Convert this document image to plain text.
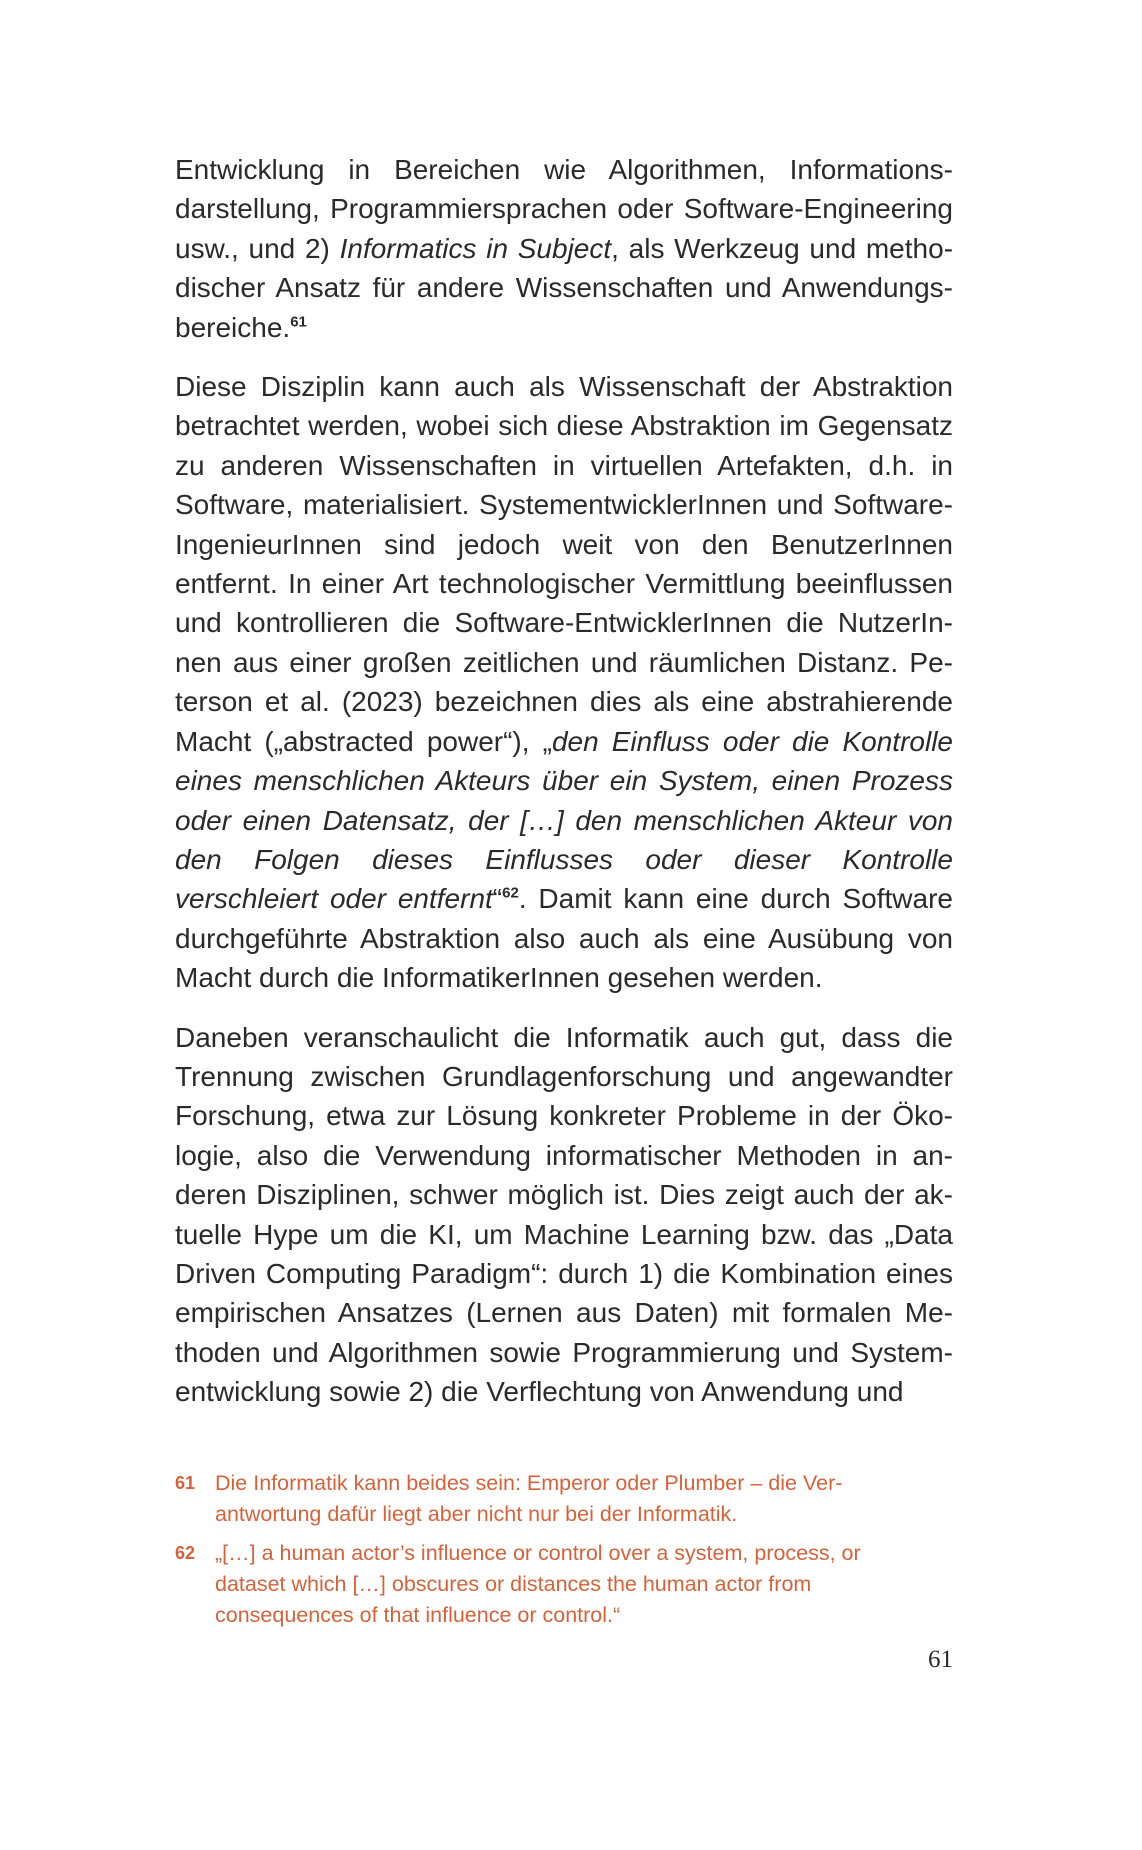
Entwicklung in Bereichen wie Algorithmen, Informationsdarstellung, Programmiersprachen oder Software-Engineering usw., und 2) Informatics in Subject, als Werkzeug und methodischer Ansatz für andere Wissenschaften und Anwendungsbereiche.$^{61}$

Diese Disziplin kann auch als Wissenschaft der Abstraktion betrachtet werden, wobei sich diese Abstraktion im Gegensatz zu anderen Wissenschaften in virtuellen Artefakten, d.h. in Software, materialisiert. SystementwicklerInnen und Software-IngenieurInnen sind jedoch weit von den BenutzerInnen entfernt. In einer Art technologischer Vermittlung beeinflussen und kontrollieren die Software-EntwicklerInnen die NutzerInnen aus einer großen zeitlichen und räumlichen Distanz. Peterson et al. (2023) bezeichnen dies als eine abstrahierende Macht („abstracted power“), „den Einfluss oder die Kontrolle eines menschlichen Akteurs über ein System, einen Prozess oder einen Datensatz, der […] den menschlichen Akteur von den Folgen dieses Einflusses oder dieser Kontrolle verschleiert oder entfernt“$^{62}$. Damit kann eine durch Software durchgeführte Abstraktion also auch als eine Ausübung von Macht durch die InformatikerInnen gesehen werden.

Daneben veranschaulicht die Informatik auch gut, dass die Trennung zwischen Grundlagenforschung und angewandter Forschung, etwa zur Lösung konkreter Probleme in der Ökologie, also die Verwendung informatischer Methoden in anderen Disziplinen, schwer möglich ist. Dies zeigt auch der aktuelle Hype um die KI, um Machine Learning bzw. das „Data Driven Computing Paradigm“: durch 1) die Kombination eines empirischen Ansatzes (Lernen aus Daten) mit formalen Methoden und Algorithmen sowie Programmierung und Systementwicklung sowie 2) die Verflechtung von Anwendung und

61 Die Informatik kann beides sein: Emperor oder Plumber – die Verantwortung dafür liegt aber nicht nur bei der Informatik.
62 „[…] a human actor’s influence or control over a system, process, or dataset which […] obscures or distances the human actor from consequences of that influence or control.“
61
